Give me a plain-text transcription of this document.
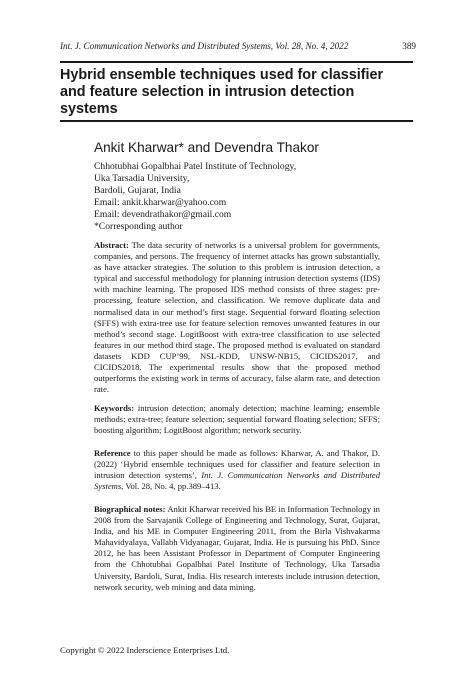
Int. J. Communication Networks and Distributed Systems, Vol. 28, No. 4, 2022	389
Hybrid ensemble techniques used for classifier and feature selection in intrusion detection systems
Ankit Kharwar* and Devendra Thakor
Chhotubhai Gopalbhai Patel Institute of Technology,
Uka Tarsadia University,
Bardoli, Gujarat, India
Email: ankit.kharwar@yahoo.com
Email: devendrathakor@gmail.com
*Corresponding author

Abstract: The data security of networks is a universal problem for governments, companies, and persons. The frequency of internet attacks has grown substantially, as have attacker strategies. The solution to this problem is intrusion detection, a typical and successful methodology for planning intrusion detection systems (IDS) with machine learning. The proposed IDS method consists of three stages: pre-processing, feature selection, and classification. We remove duplicate data and normalised data in our method’s first stage. Sequential forward floating selection (SFFS) with extra-tree use for feature selection removes unwanted features in our method’s second stage. LogitBoost with extra-tree classification to use selected features in our method third stage. The proposed method is evaluated on standard datasets KDD CUP’99, NSL-KDD, UNSW-NB15, CICIDS2017, and CICIDS2018. The experimental results show that the proposed method outperforms the existing work in terms of accuracy, false alarm rate, and detection rate.

Keywords: intrusion detection; anomaly detection; machine learning; ensemble methods; extra-tree; feature selection; sequential forward floating selection; SFFS; boosting algorithm; LogitBoost algorithm; network security.

Reference to this paper should be made as follows: Kharwar, A. and Thakor, D. (2022) ‘Hybrid ensemble techniques used for classifier and feature selection in intrusion detection systems’, Int. J. Communication Networks and Distributed Systems, Vol. 28, No. 4, pp.389–413.

Biographical notes: Ankit Kharwar received his BE in Information Technology in 2008 from the Sarvajanik College of Engineering and Technology, Surat, Gujarat, India, and his ME in Computer Engineering 2011, from the Birla Vishvakarma Mahavidyalaya, Vallabh Vidyanagar, Gujarat, India. He is pursuing his PhD. Since 2012, he has been Assistant Professor in Department of Computer Engineering from the Chhotubhai Gopalbhai Patel Institute of Technology, Uka Tarsadia University, Bardoli, Surat, India. His research interests include intrusion detection, network security, web mining and data mining.

Copyright © 2022 Inderscience Enterprises Ltd.
